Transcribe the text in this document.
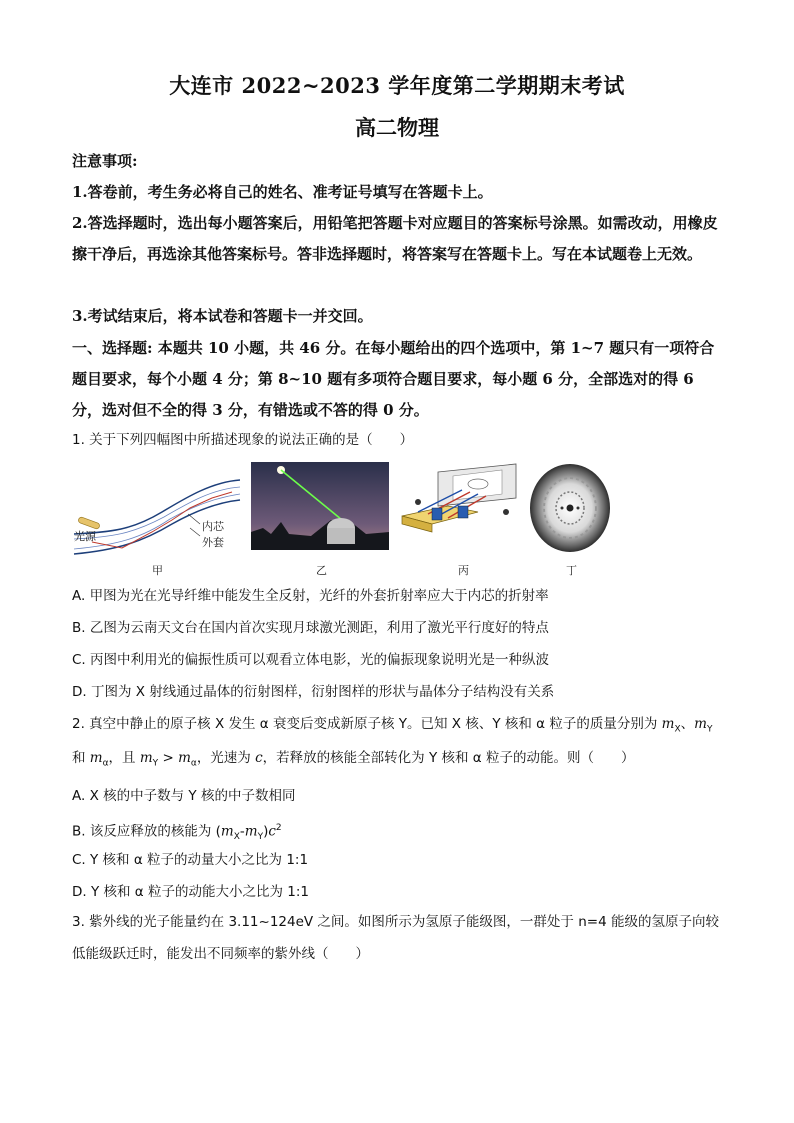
大连市 2022~2023 学年度第二学期期末考试
高二物理
注意事项:
1.答卷前，考生务必将自己的姓名、准考证号填写在答题卡上。
2.答选择题时，选出每小题答案后，用铅笔把答题卡对应题目的答案标号涂黑。如需改动，用橡皮擦干净后，再选涂其他答案标号。答非选择题时，将答案写在答题卡上。写在本试题卷上无效。
3.考试结束后，将本试卷和答题卡一并交回。
一、选择题: 本题共 10 小题，共 46 分。在每小题给出的四个选项中，第 1~7 题只有一项符合题目要求，每个小题 4 分；第 8~10 题有多项符合题目要求，每小题 6 分，全部选对的得 6 分，选对但不全的得 3 分，有错选或不答的得 0 分。
1. 关于下列四幅图中所描述现象的说法正确的是（　　）
光源
内芯
外套
甲	乙	丙	丁
A. 甲图为光在光导纤维中能发生全反射，光纤的外套折射率应大于内芯的折射率
B. 乙图为云南天文台在国内首次实现月球激光测距，利用了激光平行度好的特点
C. 丙图中利用光的偏振性质可以观看立体电影，光的偏振现象说明光是一种纵波
D. 丁图为 X 射线通过晶体的衍射图样，衍射图样的形状与晶体分子结构没有关系
2. 真空中静止的原子核 X 发生 α 衰变后变成新原子核 Y。已知 X 核、Y 核和 α 粒子的质量分别为 $m_X$、$m_Y$
和 $m_\alpha$，且 $m_Y > m_\alpha$，光速为 c，若释放的核能全部转化为 Y 核和 α 粒子的动能。则（　　）
A. X 核的中子数与 Y 核的中子数相同
B. 该反应释放的核能为 $(m_X-m_Y)c^2$
C. Y 核和 α 粒子的动量大小之比为 1:1
D. Y 核和 α 粒子的动能大小之比为 1:1
3. 紫外线的光子能量约在 3.11~124eV 之间。如图所示为氢原子能级图，一群处于 n=4 能级的氢原子向较低能级跃迁时，能发出不同频率的紫外线（　　）
